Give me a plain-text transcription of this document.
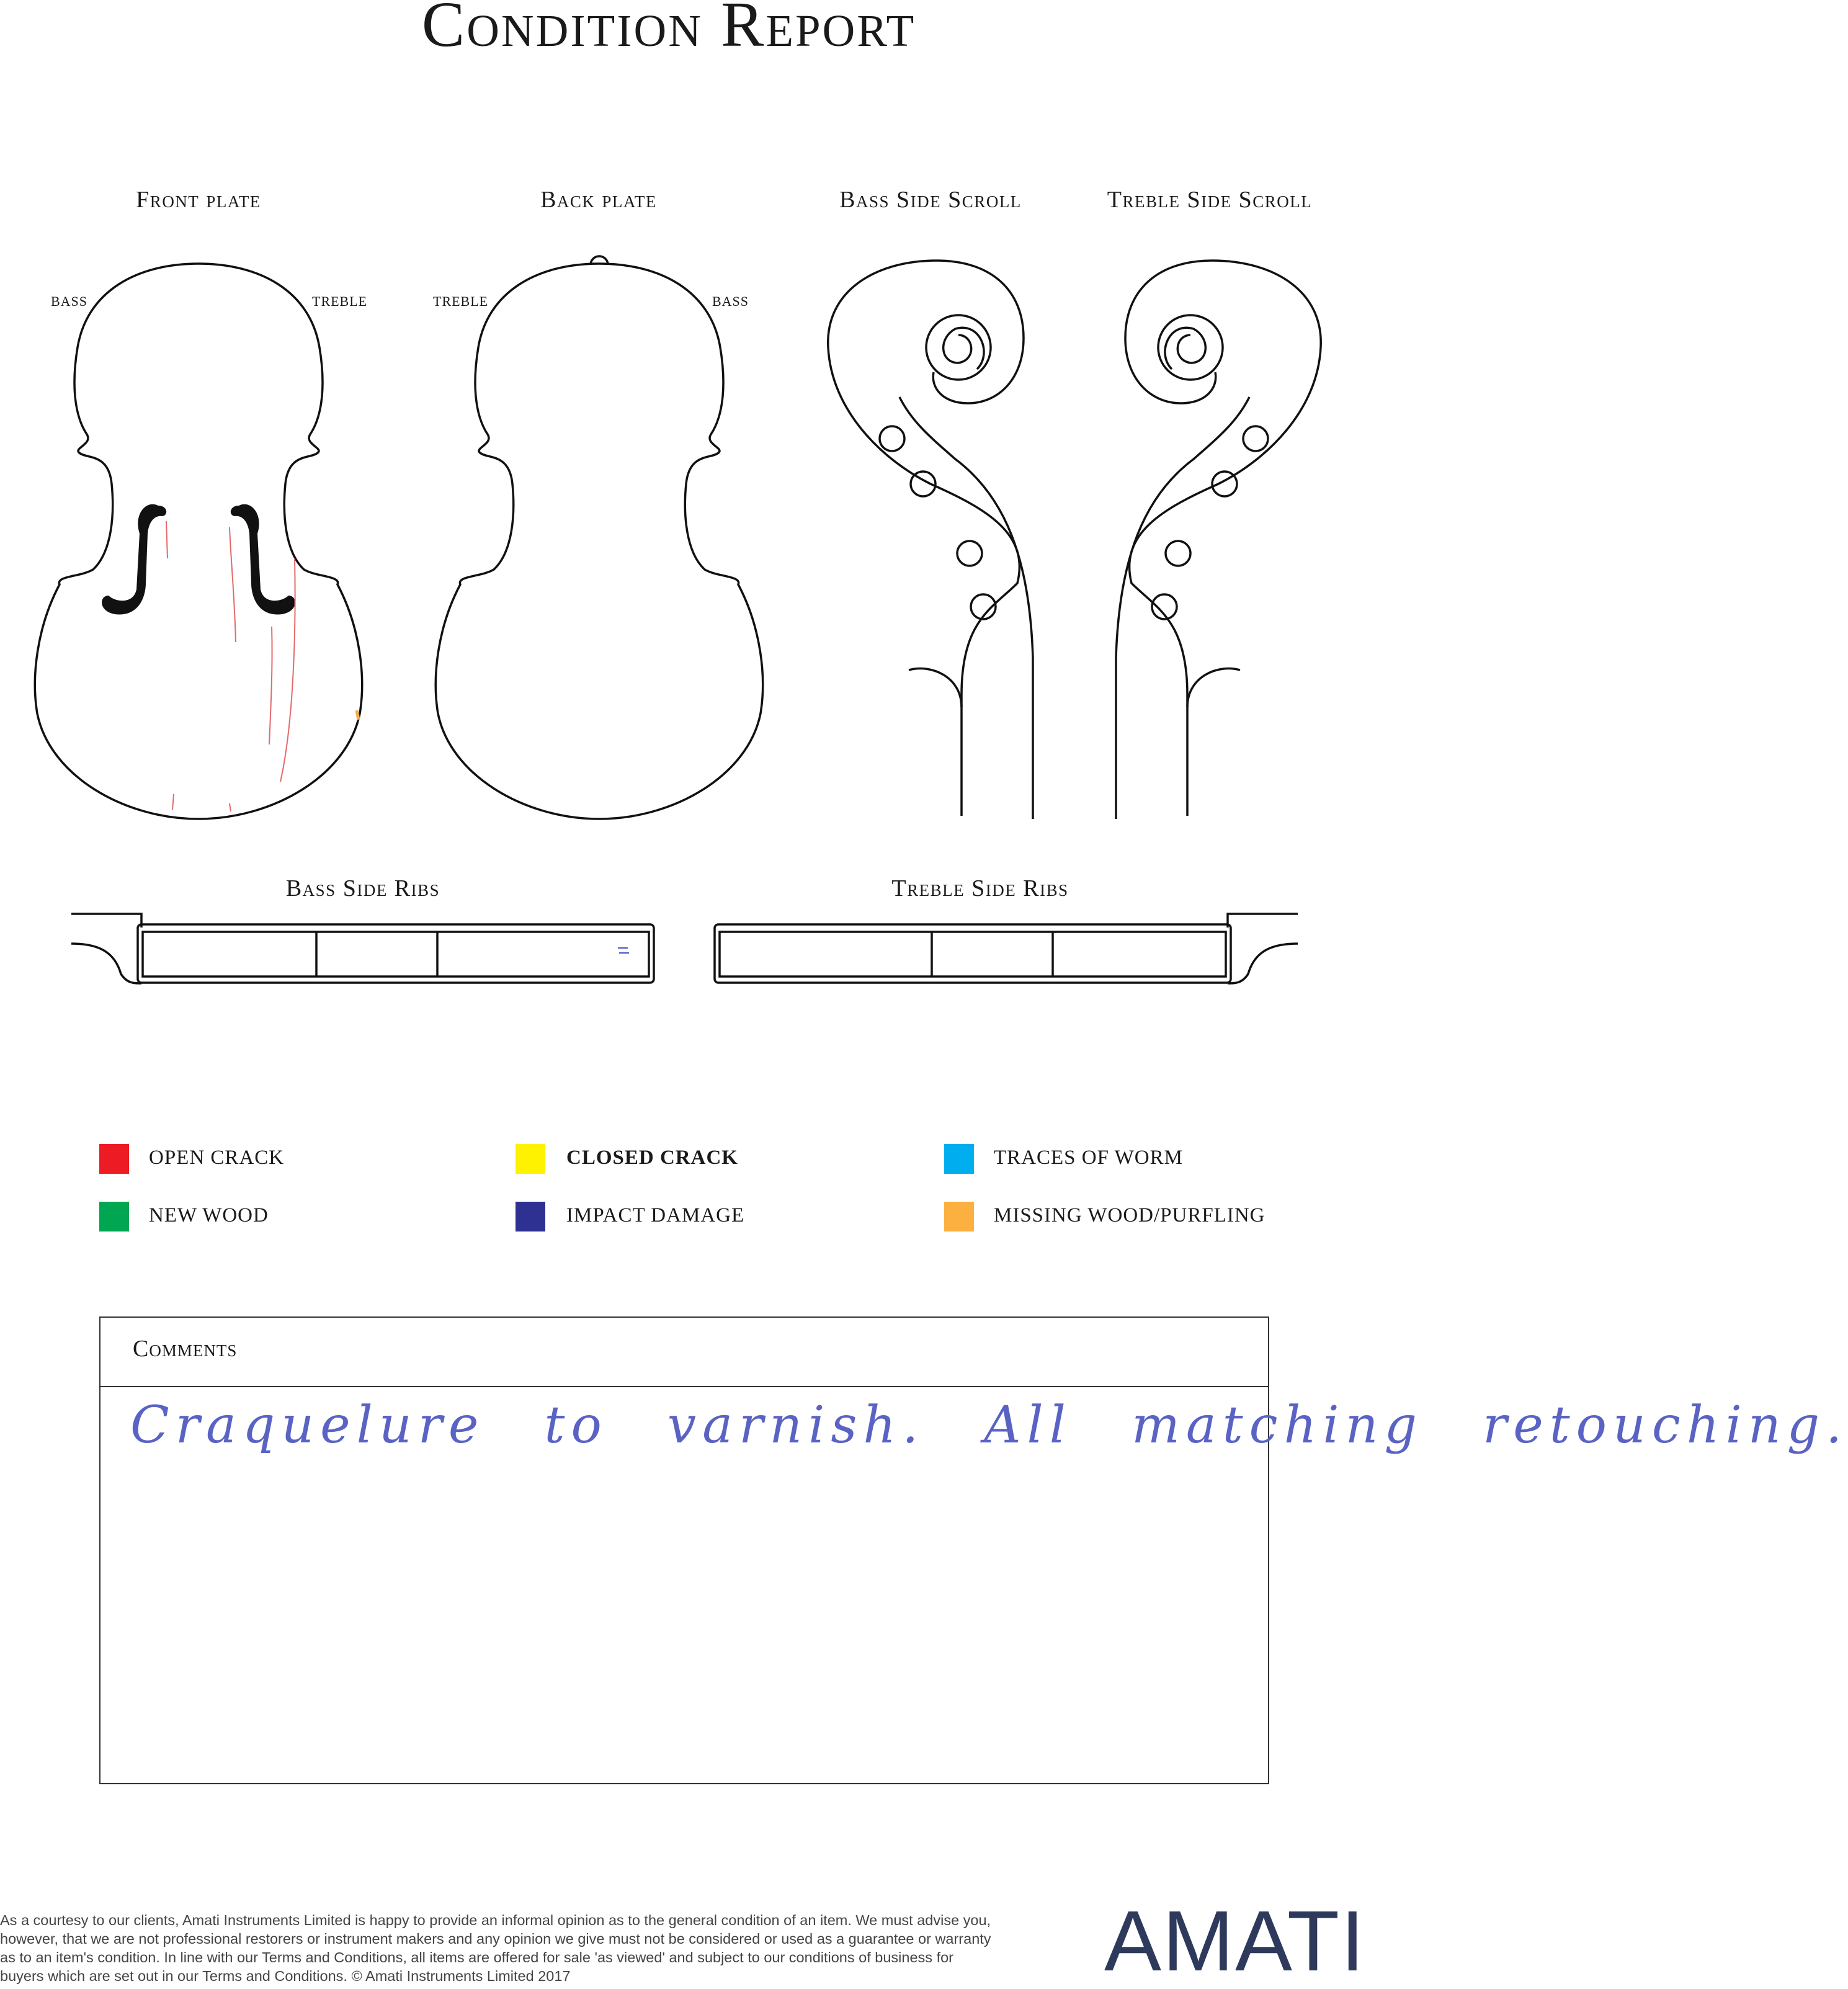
Condition Report
Front plate	Back plate	Bass Side Scroll	Treble Side Scroll
Bass Side Ribs	Treble Side Ribs
BASS	TREBLE	TREBLE	BASS
OPEN CRACK	CLOSED CRACK	TRACES OF WORM
NEW WOOD	IMPACT DAMAGE	MISSING WOOD/PURFLING
Comments
Craquelure to varnish. All matching retouching.
As a courtesy to our clients, Amati Instruments Limited is happy to provide an informal opinion as to the general condition of an item. We must advise you, however, that we are not professional restorers or instrument makers and any opinion we give must not be considered or used as a guarantee or warranty as to an item's condition. In line with our Terms and Conditions, all items are offered for sale 'as viewed' and subject to our conditions of business for buyers which are set out in our Terms and Conditions. © Amati Instruments Limited 2017	AMATI
